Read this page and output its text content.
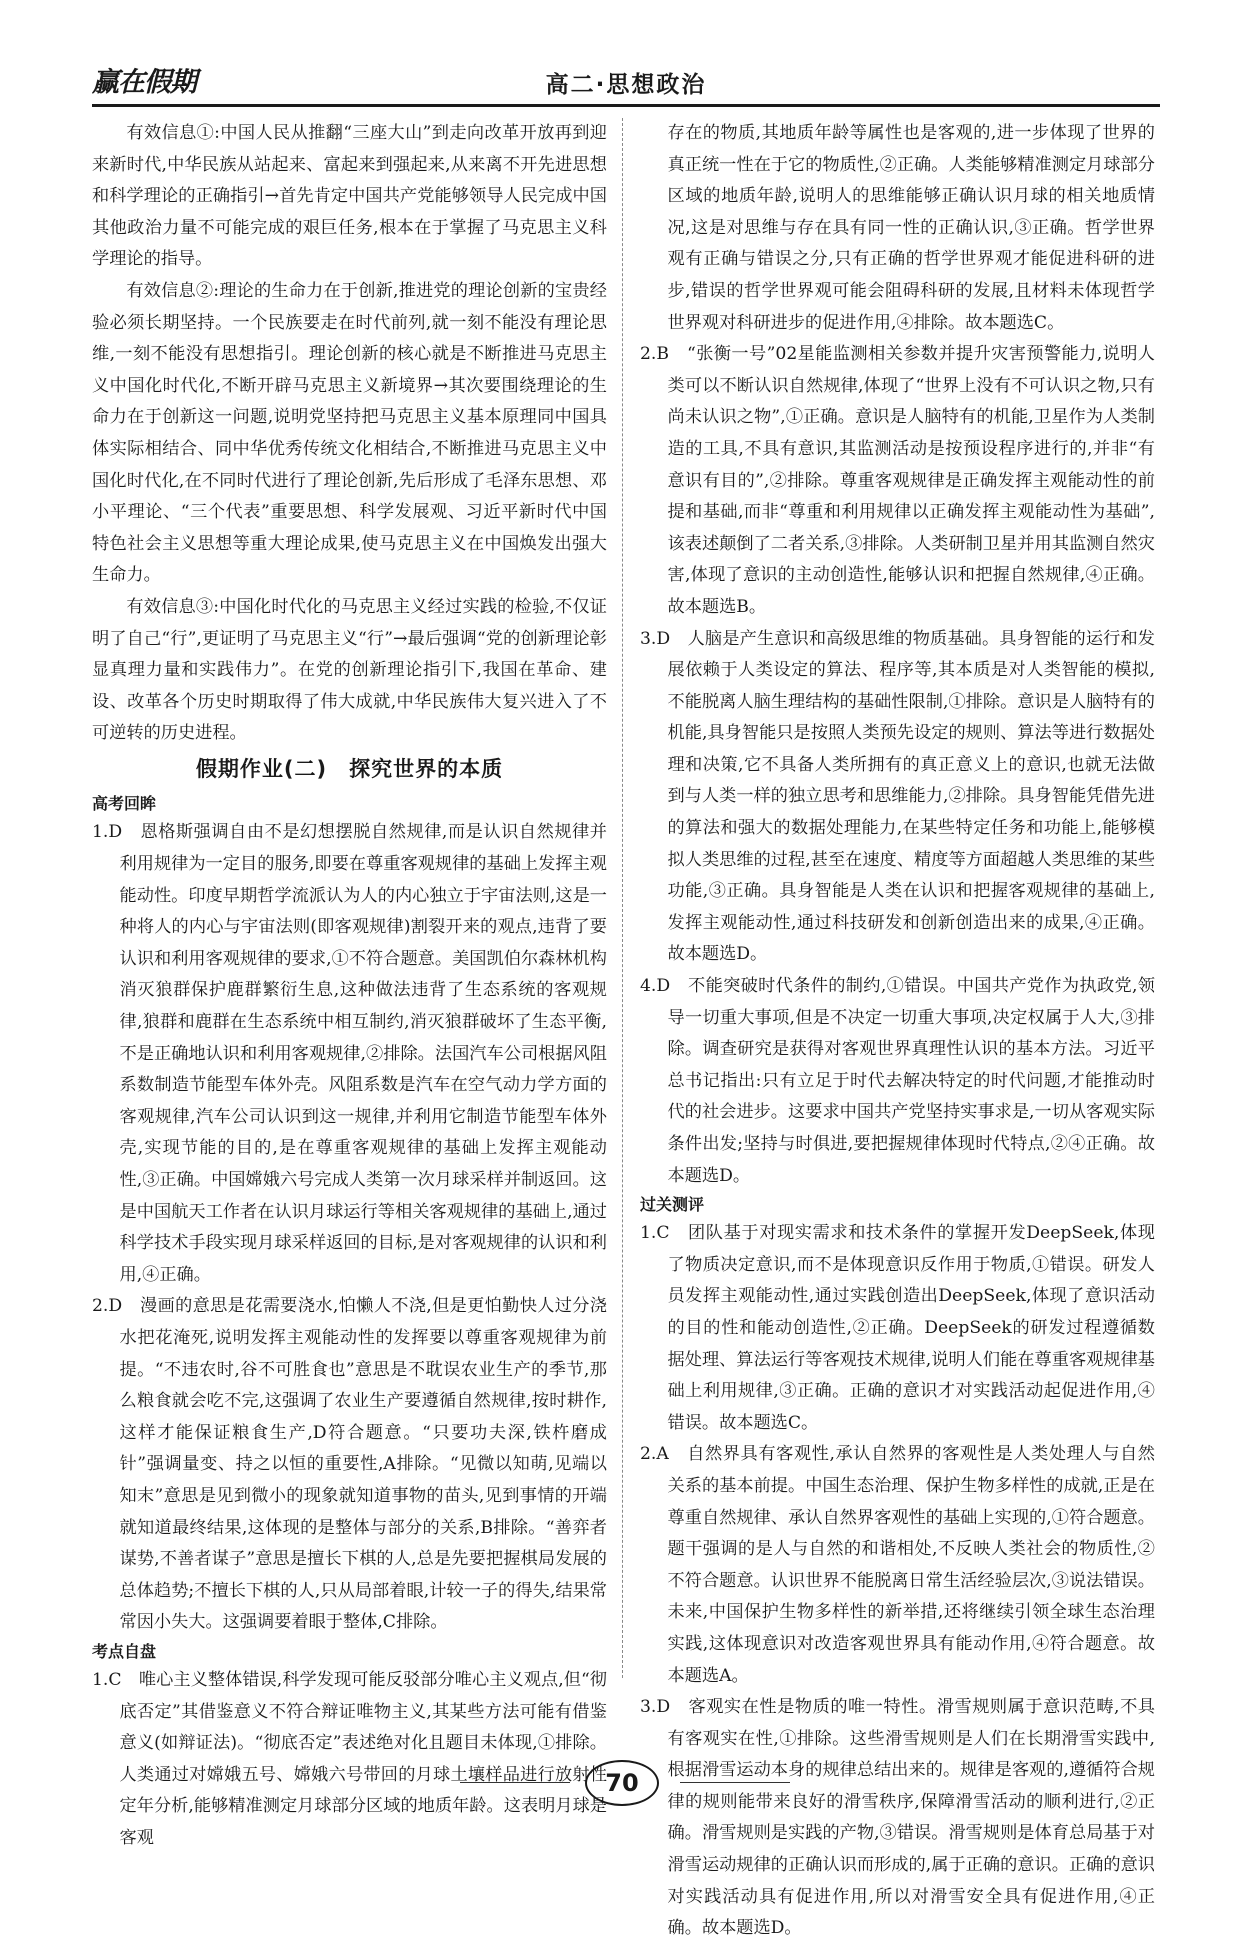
赢在假期	高二·思想政治

有效信息①:中国人民从推翻“三座大山”到走向改革开放再到迎来新时代,中华民族从站起来、富起来到强起来,从来离不开先进思想和科学理论的正确指引→首先肯定中国共产党能够领导人民完成中国其他政治力量不可能完成的艰巨任务,根本在于掌握了马克思主义科学理论的指导。

有效信息②:理论的生命力在于创新,推进党的理论创新的宝贵经验必须长期坚持。一个民族要走在时代前列,就一刻不能没有理论思维,一刻不能没有思想指引。理论创新的核心就是不断推进马克思主义中国化时代化,不断开辟马克思主义新境界→其次要围绕理论的生命力在于创新这一问题,说明党坚持把马克思主义基本原理同中国具体实际相结合、同中华优秀传统文化相结合,不断推进马克思主义中国化时代化,在不同时代进行了理论创新,先后形成了毛泽东思想、邓小平理论、“三个代表”重要思想、科学发展观、习近平新时代中国特色社会主义思想等重大理论成果,使马克思主义在中国焕发出强大生命力。

有效信息③:中国化时代化的马克思主义经过实践的检验,不仅证明了自己“行”,更证明了马克思主义“行”→最后强调“党的创新理论彰显真理力量和实践伟力”。在党的创新理论指引下,我国在革命、建设、改革各个历史时期取得了伟大成就,中华民族伟大复兴进入了不可逆转的历史进程。

假期作业(二)　探究世界的本质
高考回眸

1.D　恩格斯强调自由不是幻想摆脱自然规律,而是认识自然规律并利用规律为一定目的服务,即要在尊重客观规律的基础上发挥主观能动性。印度早期哲学流派认为人的内心独立于宇宙法则,这是一种将人的内心与宇宙法则(即客观规律)割裂开来的观点,违背了要认识和利用客观规律的要求,①不符合题意。美国凯伯尔森林机构消灭狼群保护鹿群繁衍生息,这种做法违背了生态系统的客观规律,狼群和鹿群在生态系统中相互制约,消灭狼群破坏了生态平衡,不是正确地认识和利用客观规律,②排除。法国汽车公司根据风阻系数制造节能型车体外壳。风阻系数是汽车在空气动力学方面的客观规律,汽车公司认识到这一规律,并利用它制造节能型车体外壳,实现节能的目的,是在尊重客观规律的基础上发挥主观能动性,③正确。中国嫦娥六号完成人类第一次月球采样并制返回。这是中国航天工作者在认识月球运行等相关客观规律的基础上,通过科学技术手段实现月球采样返回的目标,是对客观规律的认识和利用,④正确。

2.D　漫画的意思是花需要浇水,怕懒人不浇,但是更怕勤快人过分浇水把花淹死,说明发挥主观能动性的发挥要以尊重客观规律为前提。“不违农时,谷不可胜食也”意思是不耽误农业生产的季节,那么粮食就会吃不完,这强调了农业生产要遵循自然规律,按时耕作,这样才能保证粮食生产,D符合题意。“只要功夫深,铁杵磨成针”强调量变、持之以恒的重要性,A排除。“见微以知萌,见端以知末”意思是见到微小的现象就知道事物的苗头,见到事情的开端就知道最终结果,这体现的是整体与部分的关系,B排除。“善弈者谋势,不善者谋子”意思是擅长下棋的人,总是先要把握棋局发展的总体趋势;不擅长下棋的人,只从局部着眼,计较一子的得失,结果常常因小失大。这强调要着眼于整体,C排除。

考点自盘

1.C　唯心主义整体错误,科学发现可能反驳部分唯心主义观点,但“彻底否定”其借鉴意义不符合辩证唯物主义,其某些方法可能有借鉴意义(如辩证法)。“彻底否定”表述绝对化且题目未体现,①排除。人类通过对嫦娥五号、嫦娥六号带回的月球土壤样品进行放射性定年分析,能够精准测定月球部分区域的地质年龄。这表明月球是客观

存在的物质,其地质年龄等属性也是客观的,进一步体现了世界的真正统一性在于它的物质性,②正确。人类能够精准测定月球部分区域的地质年龄,说明人的思维能够正确认识月球的相关地质情况,这是对思维与存在具有同一性的正确认识,③正确。哲学世界观有正确与错误之分,只有正确的哲学世界观才能促进科研的进步,错误的哲学世界观可能会阻碍科研的发展,且材料未体现哲学世界观对科研进步的促进作用,④排除。故本题选C。

2.B　“张衡一号”02星能监测相关参数并提升灾害预警能力,说明人类可以不断认识自然规律,体现了“世界上没有不可认识之物,只有尚未认识之物”,①正确。意识是人脑特有的机能,卫星作为人类制造的工具,不具有意识,其监测活动是按预设程序进行的,并非“有意识有目的”,②排除。尊重客观规律是正确发挥主观能动性的前提和基础,而非“尊重和利用规律以正确发挥主观能动性为基础”,该表述颠倒了二者关系,③排除。人类研制卫星并用其监测自然灾害,体现了意识的主动创造性,能够认识和把握自然规律,④正确。故本题选B。

3.D　人脑是产生意识和高级思维的物质基础。具身智能的运行和发展依赖于人类设定的算法、程序等,其本质是对人类智能的模拟,不能脱离人脑生理结构的基础性限制,①排除。意识是人脑特有的机能,具身智能只是按照人类预先设定的规则、算法等进行数据处理和决策,它不具备人类所拥有的真正意义上的意识,也就无法做到与人类一样的独立思考和思维能力,②排除。具身智能凭借先进的算法和强大的数据处理能力,在某些特定任务和功能上,能够模拟人类思维的过程,甚至在速度、精度等方面超越人类思维的某些功能,③正确。具身智能是人类在认识和把握客观规律的基础上,发挥主观能动性,通过科技研发和创新创造出来的成果,④正确。故本题选D。

4.D　不能突破时代条件的制约,①错误。中国共产党作为执政党,领导一切重大事项,但是不决定一切重大事项,决定权属于人大,③排除。调查研究是获得对客观世界真理性认识的基本方法。习近平总书记指出:只有立足于时代去解决特定的时代问题,才能推动时代的社会进步。这要求中国共产党坚持实事求是,一切从客观实际条件出发;坚持与时俱进,要把握规律体现时代特点,②④正确。故本题选D。

过关测评

1.C　团队基于对现实需求和技术条件的掌握开发DeepSeek,体现了物质决定意识,而不是体现意识反作用于物质,①错误。研发人员发挥主观能动性,通过实践创造出DeepSeek,体现了意识活动的目的性和能动创造性,②正确。DeepSeek的研发过程遵循数据处理、算法运行等客观技术规律,说明人们能在尊重客观规律基础上利用规律,③正确。正确的意识才对实践活动起促进作用,④错误。故本题选C。

2.A　自然界具有客观性,承认自然界的客观性是人类处理人与自然关系的基本前提。中国生态治理、保护生物多样性的成就,正是在尊重自然规律、承认自然界客观性的基础上实现的,①符合题意。题干强调的是人与自然的和谐相处,不反映人类社会的物质性,②不符合题意。认识世界不能脱离日常生活经验层次,③说法错误。未来,中国保护生物多样性的新举措,还将继续引领全球生态治理实践,这体现意识对改造客观世界具有能动作用,④符合题意。故本题选A。

3.D　客观实在性是物质的唯一特性。滑雪规则属于意识范畴,不具有客观实在性,①排除。这些滑雪规则是人们在长期滑雪实践中,根据滑雪运动本身的规律总结出来的。规律是客观的,遵循符合规律的规则能带来良好的滑雪秩序,保障滑雪活动的顺利进行,②正确。滑雪规则是实践的产物,③错误。滑雪规则是体育总局基于对滑雪运动规律的正确认识而形成的,属于正确的意识。正确的意识对实践活动具有促进作用,所以对滑雪安全具有促进作用,④正确。故本题选D。

70
